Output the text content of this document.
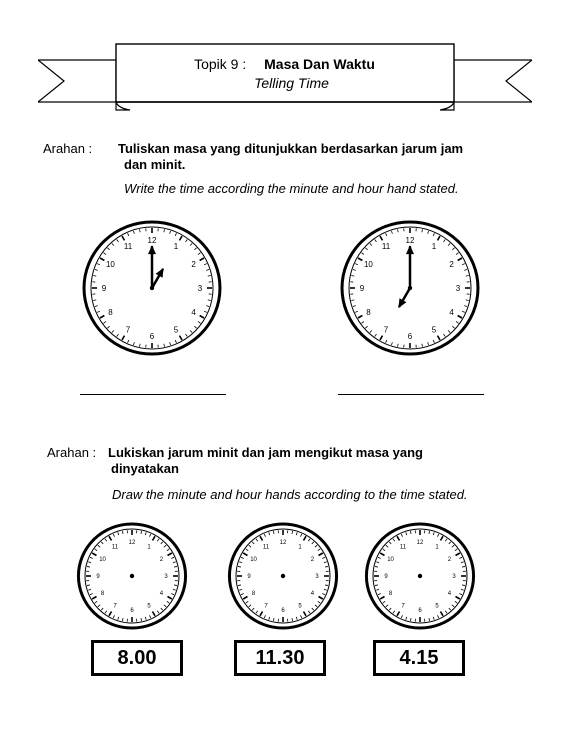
Topik 9 : Masa Dan Waktu
Telling Time
Arahan : Tuliskan masa yang ditunjukkan berdasarkan jarum jam
dan minit.
Write the time according the minute and hour hand stated.
12
1
2
3
4
5
6
7
8
9
10
11
12
1
2
3
4
5
6
7
8
9
10
11
Arahan : Lukiskan jarum minit dan jam mengikut masa yang
dinyatakan
Draw the minute and hour hands according to the time stated.
12
1
2
3
4
5
6
7
8
9
10
11
12
1
2
3
4
5
6
7
8
9
10
11
12
1
2
3
4
5
6
7
8
9
10
11
8.00	11.30	4.15
